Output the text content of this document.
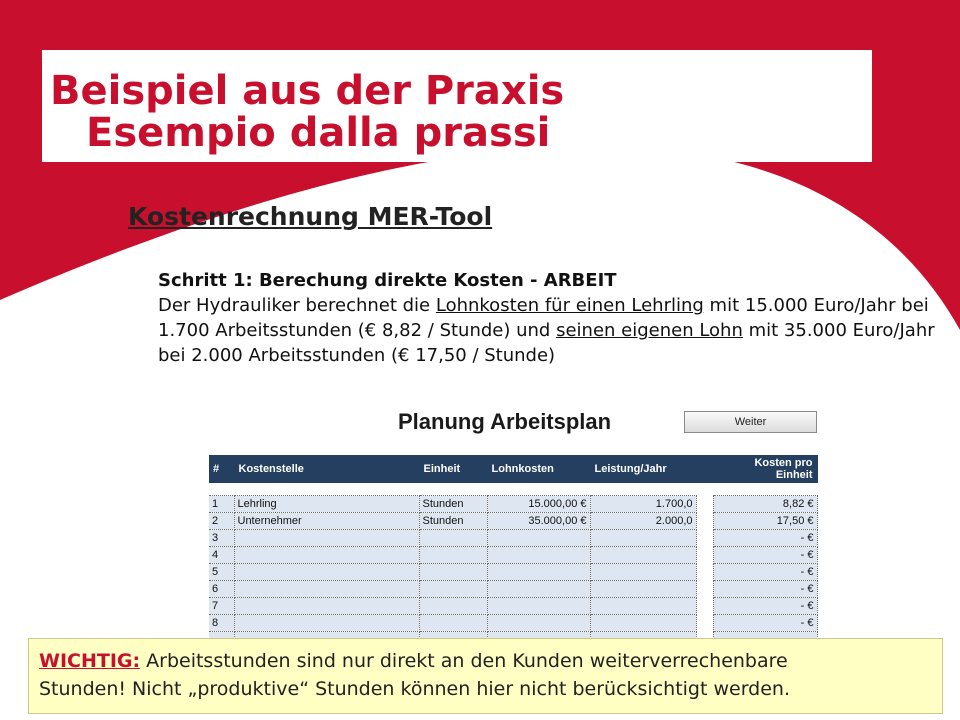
Beispiel aus der Praxis
Esempio dalla prassi
Kostenrechnung MER-Tool
Schritt 1: Berechung direkte Kosten - ARBEIT
Der Hydrauliker berechnet die Lohnkosten für einen Lehrling mit 15.000 Euro/Jahr bei 1.700 Arbeitsstunden (€ 8,82 / Stunde) und seinen eigenen Lohn mit 35.000 Euro/Jahr bei 2.000 Arbeitsstunden (€ 17,50 / Stunde)
Planung Arbeitsplan	Weiter
#	Kostenstelle	Einheit	Lohnkosten	Leistung/Jahr		Kosten pro Einheit

1	Lehrling	Stunden	15.000,00 €	1.700,0		8,82 €
2	Unternehmer	Stunden	35.000,00 €	2.000,0		17,50 €
3						- €
4						- €
5						- €
6						- €
7						- €
8						- €

WICHTIG: Arbeitsstunden sind nur direkt an den Kunden weiterverrechenbare
Stunden! Nicht „produktive“ Stunden können hier nicht berücksichtigt werden.
